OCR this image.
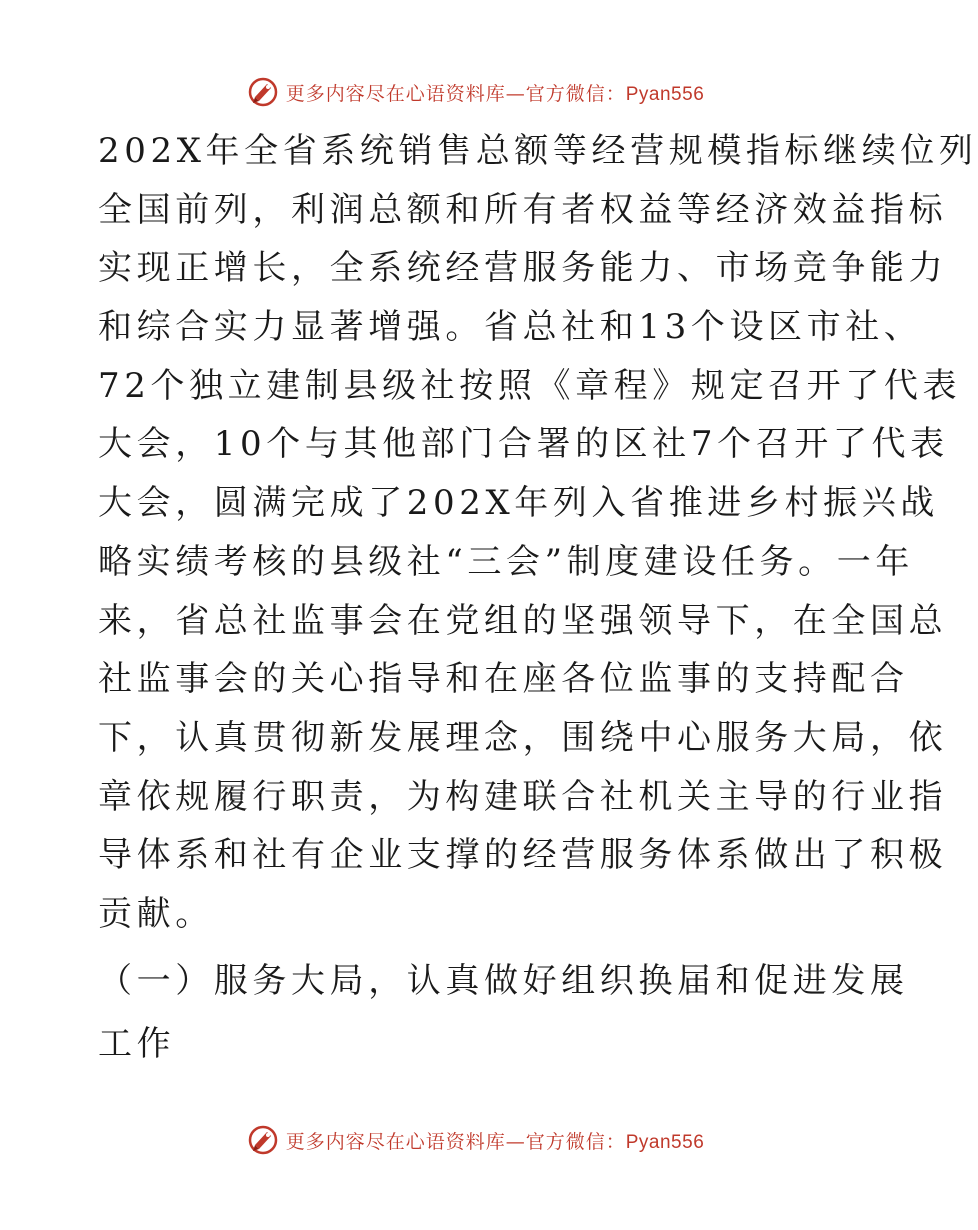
更多内容尽在心语资料库—官方微信：Pyan556
202X年全省系统销售总额等经营规模指标继续位列
全国前列，利润总额和所有者权益等经济效益指标
实现正增长，全系统经营服务能力、市场竞争能力
和综合实力显著增强。省总社和13个设区市社、
72个独立建制县级社按照《章程》规定召开了代表
大会，10个与其他部门合署的区社7个召开了代表
大会，圆满完成了202X年列入省推进乡村振兴战
略实绩考核的县级社“三会”制度建设任务。一年
来，省总社监事会在党组的坚强领导下，在全国总
社监事会的关心指导和在座各位监事的支持配合
下，认真贯彻新发展理念，围绕中心服务大局，依
章依规履行职责，为构建联合社机关主导的行业指
导体系和社有企业支撑的经营服务体系做出了积极
贡献。
（一）服务大局，认真做好组织换届和促进发展
工作
更多内容尽在心语资料库—官方微信：Pyan556
